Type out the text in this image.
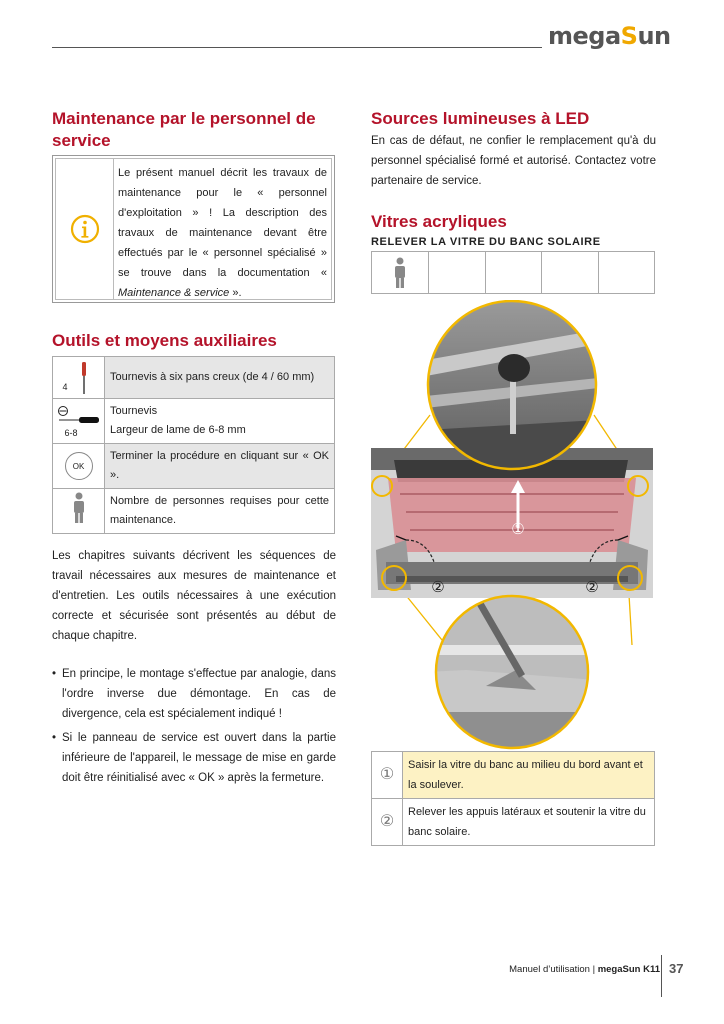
megaSun
Maintenance par le personnel de service
Le présent manuel décrit les travaux de maintenance pour le « personnel d'exploitation » ! La description des travaux de maintenance devant être effectués par le « personnel spécialisé » se trouve dans la documentation « Maintenance & service ».
Outils et moyens auxiliaires
4	Tournevis à six pans creux (de 4 / 60 mm)

6-8	Tournevis
Largeur de lame de 6-8 mm

OK	Terminer la procédure en cliquant sur « OK ».
	Nombre de personnes requises pour cette maintenance.
Les chapitres suivants décrivent les séquences de travail nécessaires aux mesures de maintenance et d'entretien. Les outils nécessaires à une exécution correcte et sécurisée sont présentés au début de chaque chapitre.
• En principe, le montage s'effectue par analogie, dans l'ordre inverse due démontage. En cas de divergence, cela est spécialement indiqué !
• Si le panneau de service est ouvert dans la partie inférieure de l'appareil, le message de mise en garde doit être réinitialisé avec « OK » après la fermeture.
Sources lumineuses à LED
En cas de défaut, ne confier le remplacement qu'à du personnel spécialisé formé et autorisé. Contactez votre partenaire de service.
Vitres acryliques
RELEVER LA VITRE DU BANC SOLAIRE
①
②	②
①	Saisir la vitre du banc au milieu du bord avant et la soulever.
②	Relever les appuis latéraux et soutenir la vitre du banc solaire.
Manuel d’utilisation | megaSun K11 37
